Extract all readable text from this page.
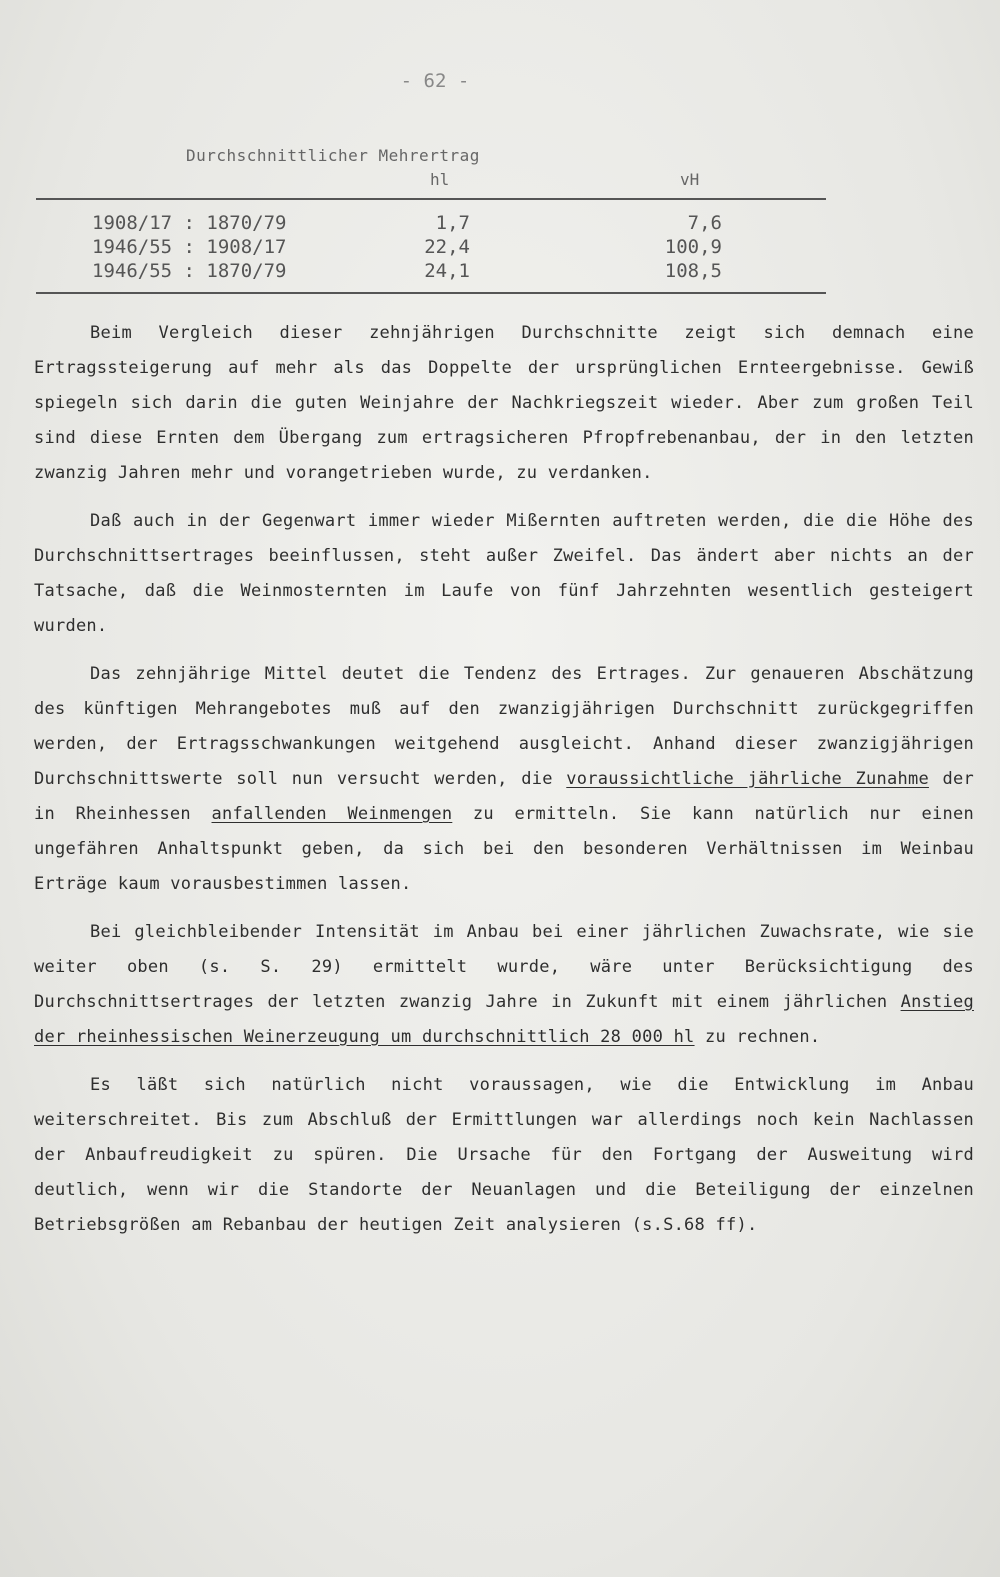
- 62 -
Durchschnittlicher Mehrertrag
hl	vH
1908/17 : 1870/79	1,7	7,6
1946/55 : 1908/17	22,4	100,9
1946/55 : 1870/79	24,1	108,5

Beim Vergleich dieser zehnjährigen Durchschnitte zeigt sich demnach eine Ertragssteigerung auf mehr als das Doppelte der ursprünglichen Ernteergebnisse. Gewiß spiegeln sich darin die guten Weinjahre der Nachkriegszeit wieder. Aber zum großen Teil sind diese Ernten dem Übergang zum ertragsicheren Pfropfrebenanbau, der in den letzten zwanzig Jahren mehr und vorangetrieben wurde, zu verdanken.

Daß auch in der Gegenwart immer wieder Mißernten auftreten werden, die die Höhe des Durchschnittsertrages beeinflussen, steht außer Zweifel. Das ändert aber nichts an der Tatsache, daß die Weinmosternten im Laufe von fünf Jahrzehnten wesentlich gesteigert wurden.

Das zehnjährige Mittel deutet die Tendenz des Ertrages. Zur genaueren Abschätzung des künftigen Mehrangebotes muß auf den zwanzigjährigen Durchschnitt zurückgegriffen werden, der Ertragsschwankungen weitgehend ausgleicht. Anhand dieser zwanzigjährigen Durchschnittswerte soll nun versucht werden, die voraussichtliche jährliche Zunahme der in Rheinhessen anfallenden Weinmengen zu ermitteln. Sie kann natürlich nur einen ungefähren Anhaltspunkt geben, da sich bei den besonderen Verhältnissen im Weinbau Erträge kaum vorausbestimmen lassen.

Bei gleichbleibender Intensität im Anbau bei einer jährlichen Zuwachsrate, wie sie weiter oben (s. S. 29) ermittelt wurde, wäre unter Berücksichtigung des Durchschnittsertrages der letzten zwanzig Jahre in Zukunft mit einem jährlichen Anstieg der rheinhessischen Weinerzeugung um durchschnittlich 28 000 hl zu rechnen.

Es läßt sich natürlich nicht voraussagen, wie die Entwicklung im Anbau weiterschreitet. Bis zum Abschluß der Ermittlungen war allerdings noch kein Nachlassen der Anbaufreudigkeit zu spüren. Die Ursache für den Fortgang der Ausweitung wird deutlich, wenn wir die Standorte der Neuanlagen und die Beteiligung der einzelnen Betriebsgrößen am Rebanbau der heutigen Zeit analysieren (s.S.68 ff).
